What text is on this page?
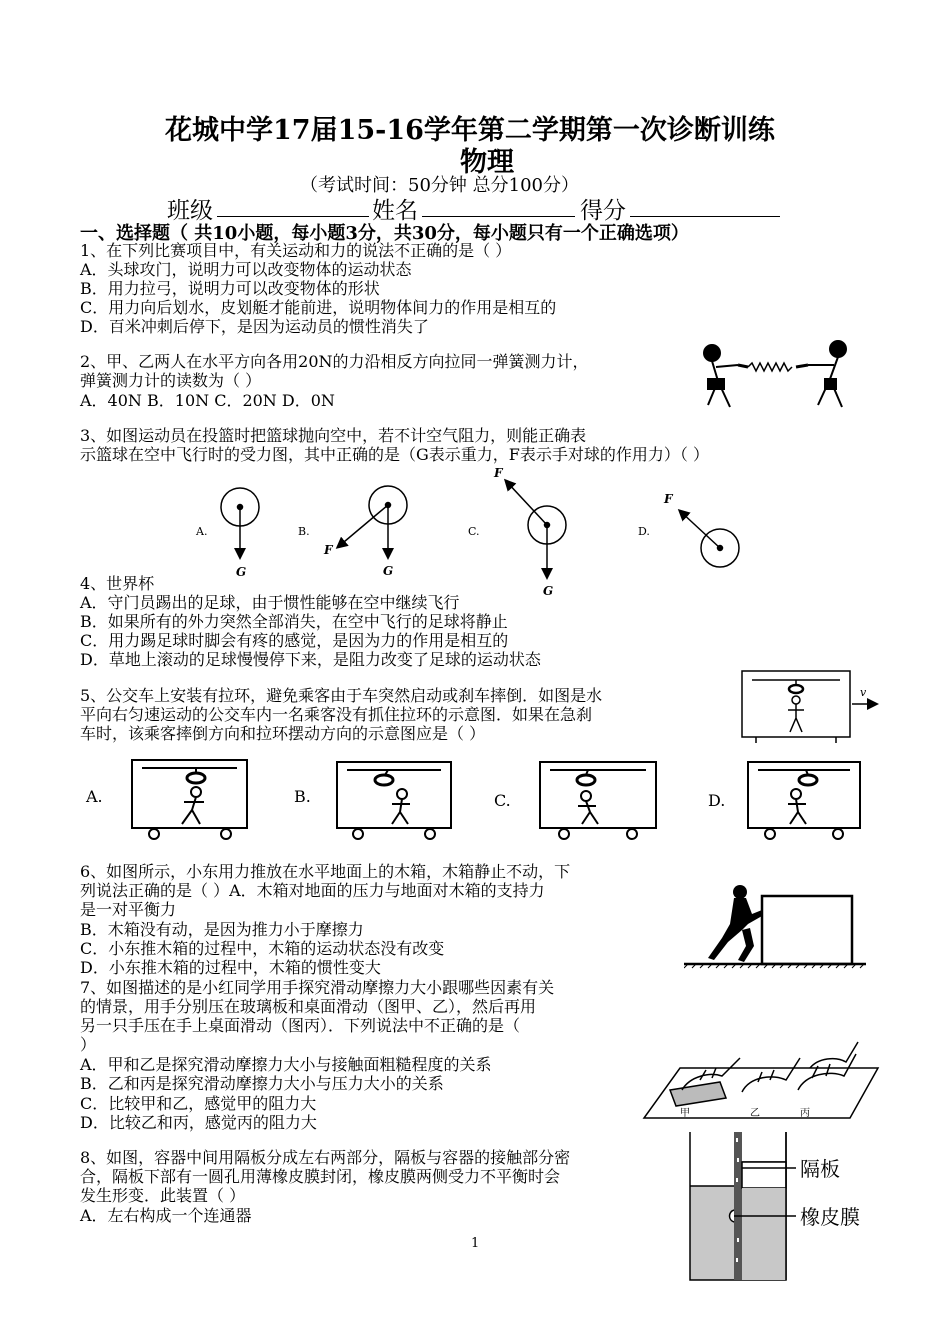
花城中学17届15-16学年第二学期第一次诊断训练
物理
（考试时间：50分钟 总分100分）
班级	姓名	得分
一、选择题（ 共10小题，每小题3分，共30分，每小题只有一个正确选项）
1、在下列比赛项目中，有关运动和力的说法不正确的是（ ）
A．头球攻门，说明力可以改变物体的运动状态
B．用力拉弓，说明力可以改变物体的形状
C．用力向后划水，皮划艇才能前进，说明物体间力的作用是相互的
D．百米冲刺后停下，是因为运动员的惯性消失了
2、甲、乙两人在水平方向各用20N的力沿相反方向拉同一弹簧测力计，
弹簧测力计的读数为（ ）
A．40N B．10N C．20N D．0N
3、如图运动员在投篮时把篮球抛向空中，若不计空气阻力，则能正确表
示篮球在空中飞行时的受力图，其中正确的是（G表示重力，F表示手对球的作用力）（ ）
A.	B.	C.	D.
G	G
F
G
F
F
4、世界杯
A．守门员踢出的足球，由于惯性能够在空中继续飞行
B．如果所有的外力突然全部消失，在空中飞行的足球将静止
C．用力踢足球时脚会有疼的感觉，是因为力的作用是相互的
D．草地上滚动的足球慢慢停下来，是阻力改变了足球的运动状态
5、公交车上安装有拉环，避免乘客由于车突然启动或刹车摔倒．如图是水
平向右匀速运动的公交车内一名乘客没有抓住拉环的示意图．如果在急刹
车时，该乘客摔倒方向和拉环摆动方向的示意图应是（ ）
v
A.	B.	C.	D.
6、如图所示，小东用力推放在水平地面上的木箱，木箱静止不动，下
列说法正确的是（ ）A．木箱对地面的压力与地面对木箱的支持力
是一对平衡力
B．木箱没有动，是因为推力小于摩擦力
C．小东推木箱的过程中，木箱的运动状态没有改变
D．小东推木箱的过程中，木箱的惯性变大
7、如图描述的是小红同学用手探究滑动摩擦力大小跟哪些因素有关
的情景，用手分别压在玻璃板和桌面滑动（图甲、乙），然后再用
另一只手压在手上桌面滑动（图丙）．下列说法中不正确的是（
）
A．甲和乙是探究滑动摩擦力大小与接触面粗糙程度的关系
B．乙和丙是探究滑动摩擦力大小与压力大小的关系
C．比较甲和乙，感觉甲的阻力大
D．比较乙和丙，感觉丙的阻力大	甲	乙	丙
8、如图，容器中间用隔板分成左右两部分，隔板与容器的接触部分密
合，隔板下部有一圆孔用薄橡皮膜封闭，橡皮膜两侧受力不平衡时会
发生形变．此装置（ ）
A．左右构成一个连通器
隔板
橡皮膜
1
